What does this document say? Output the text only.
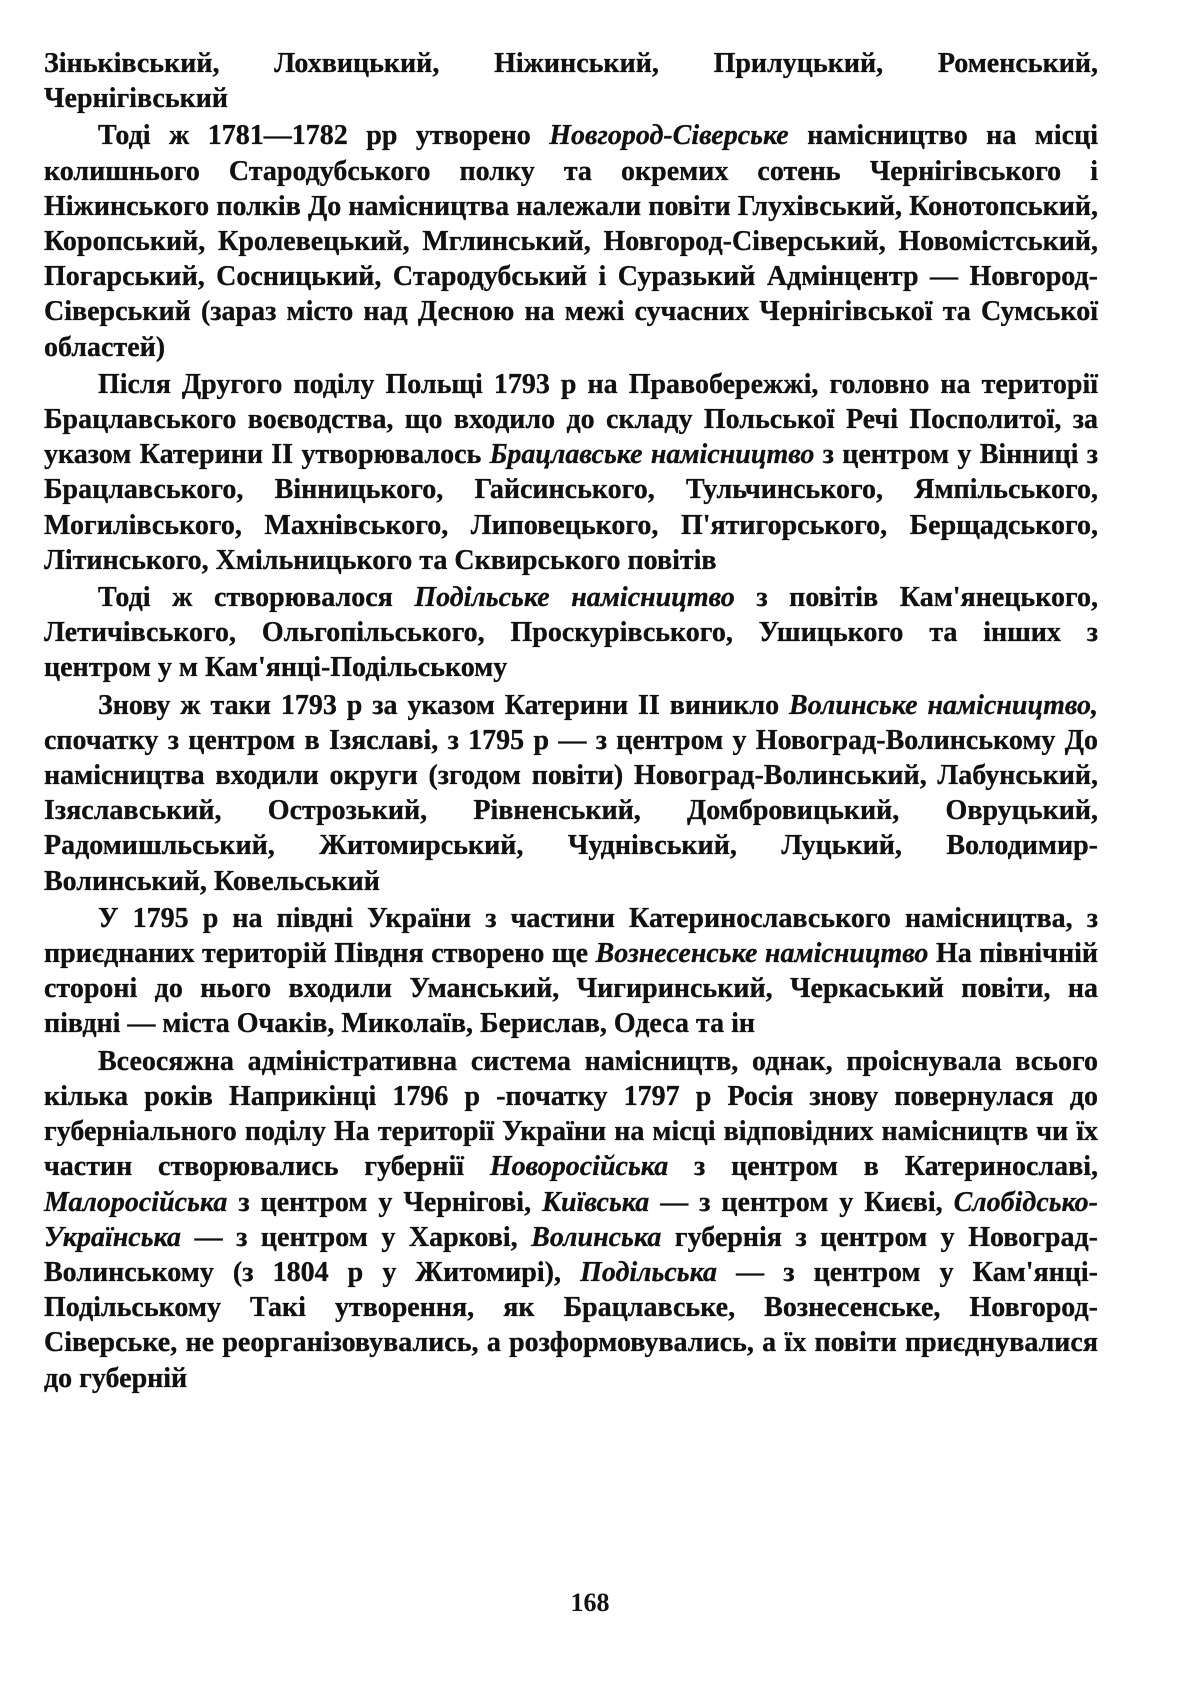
Зіньківський, Лохвицький, Ніжинський, Прилуцький, Роменський, Чернігівський

Тоді ж 1781—1782 рр утворено Новгород-Сіверське намісництво на місці колишнього Стародубського полку та окремих сотень Чернігівського і Ніжинського полків До намісництва належали повіти Глухівський, Конотопський, Коропський, Кролевецький, Мглинський, Новгород-Сіверський, Новомістський, Погарський, Сосницький, Стародубський і Суразький Адмінцентр — Новгород-Сіверський (зараз місто над Десною на межі сучасних Чернігівської та Сумської областей)

Після Другого поділу Польщі 1793 р на Правобережжі, головно на території Брацлавського воєводства, що входило до складу Польської Речі Посполитої, за указом Катерини II утворювалось Брацлавське намісництво з центром у Вінниці з Брацлавського, Вінницького, Гайсинського, Тульчинського, Ямпільського, Могилівського, Махнівського, Липовецького, П'ятигорського, Берщадського, Літинського, Хмільницького та Сквирського повітів

Тоді ж створювалося Подільське намісництво з повітів Кам'янецького, Летичівського, Ольгопільського, Проскурівського, Ушицького та інших з центром у м Кам'янці-Подільському

Знову ж таки 1793 р за указом Катерини II виникло Волинське намісництво, спочатку з центром в Ізяславі, з 1795 р — з центром у Новоград-Волинському До намісництва входили округи (згодом повіти) Новоград-Волинський, Лабунський, Ізяславський, Острозький, Рівненський, Домбровицький, Овруцький, Радомишльський, Житомирський, Чуднівський, Луцький, Володимир-Волинський, Ковельський

У 1795 р на півдні України з частини Катеринославського намісництва, з приєднаних територій Півдня створено ще Вознесенське намісництво На північній стороні до нього входили Уманський, Чигиринський, Черкаський повіти, на півдні — міста Очаків, Миколаїв, Берислав, Одеса та ін

Всеосяжна адміністративна система намісництв, однак, проіснувала всього кілька років Наприкінці 1796 р -початку 1797 р Росія знову повернулася до губерніального поділу На території України на місці відповідних намісництв чи їх частин створювались губернії Новоросійська з центром в Катеринославі, Малоросійська з центром у Чернігові, Київська — з центром у Києві, Слобідсько-Українська — з центром у Харкові, Волинська губернія з центром у Новоград-Волинському (з 1804 р у Житомирі), Подільська — з центром у Кам'янці-Подільському Такі утворення, як Брацлавське, Вознесенське, Новгород-Сіверське, не реорганізовувались, а розформовувались, а їх повіти приєднувалися до губерній

168
